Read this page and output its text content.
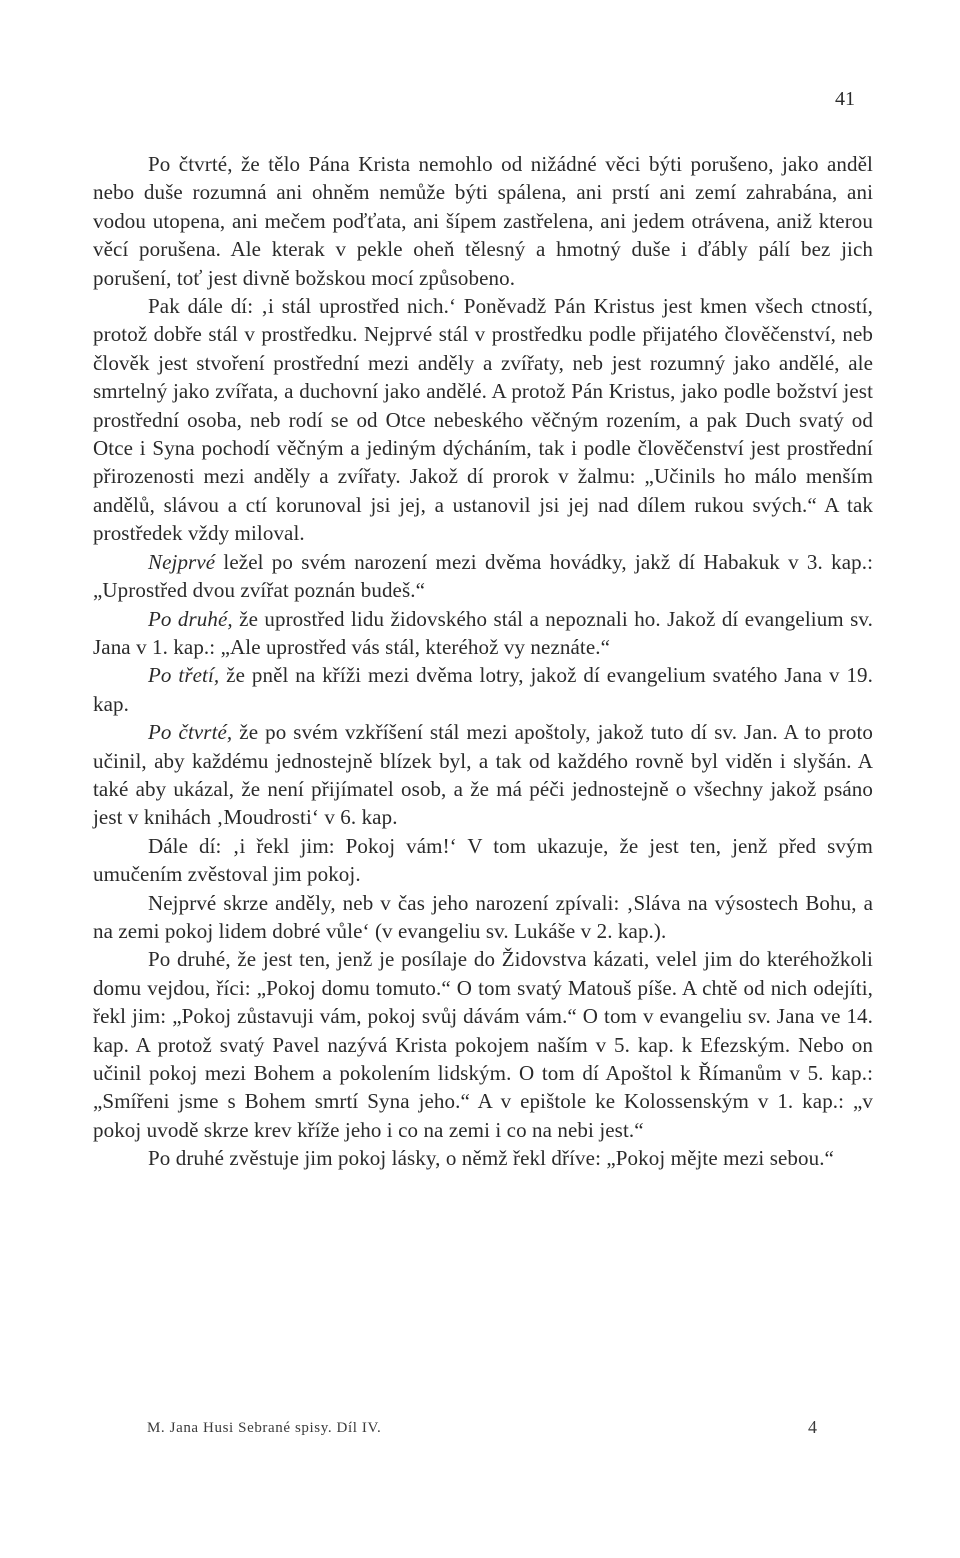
41

Po čtvrté, že tělo Pána Krista nemohlo od nižádné věci býti porušeno, jako anděl nebo duše rozumná ani ohněm nemůže býti spálena, ani prstí ani zemí zahrabána, ani vodou utopena, ani mečem poďťata, ani šípem zastřelena, ani jedem otrávena, aniž kterou věcí porušena. Ale kterak v pekle oheň tělesný a hmotný duše i ďábly pálí bez jich porušení, toť jest divně božskou mocí způsobeno.

Pak dále dí: ‚i stál uprostřed nich.‘ Poněvadž Pán Kristus jest kmen všech ctností, protož dobře stál v prostředku. Nejprvé stál v prostředku podle přijatého člověčenství, neb člověk jest stvoření prostřední mezi anděly a zvířaty, neb jest rozumný jako andělé, ale smrtelný jako zvířata, a duchovní jako andělé. A protož Pán Kristus, jako podle božství jest prostřední osoba, neb rodí se od Otce nebeského věčným rozením, a pak Duch svatý od Otce i Syna pochodí věčným a jediným dýcháním, tak i podle člověčenství jest prostřední přirozenosti mezi anděly a zvířaty. Jakož dí prorok v žalmu: „Učinils ho málo menším andělů, slávou a ctí korunoval jsi jej, a ustanovil jsi jej nad dílem rukou svých.“ A tak prostředek vždy miloval.

Nejprvé ležel po svém narození mezi dvěma hovádky, jakž dí Habakuk v 3. kap.: „Uprostřed dvou zvířat poznán budeš.“

Po druhé, že uprostřed lidu židovského stál a nepoznali ho. Jakož dí evangelium sv. Jana v 1. kap.: „Ale uprostřed vás stál, kteréhož vy neznáte.“

Po třetí, že pněl na kříži mezi dvěma lotry, jakož dí evangelium svatého Jana v 19. kap.

Po čtvrté, že po svém vzkříšení stál mezi apoštoly, jakož tuto dí sv. Jan. A to proto učinil, aby každému jednostejně blízek byl, a tak od každého rovně byl viděn i slyšán. A také aby ukázal, že není přijímatel osob, a že má péči jednostejně o všechny jakož psáno jest v knihách ‚Moudrosti‘ v 6. kap.

Dále dí: ‚i řekl jim: Pokoj vám!‘ V tom ukazuje, že jest ten, jenž před svým umučením zvěstoval jim pokoj.

Nejprvé skrze anděly, neb v čas jeho narození zpívali: ‚Sláva na výsostech Bohu, a na zemi pokoj lidem dobré vůle‘ (v evangeliu sv. Lukáše v 2. kap.).

Po druhé, že jest ten, jenž je posílaje do Židovstva kázati, velel jim do kteréhožkoli domu vejdou, říci: „Pokoj domu tomuto.“ O tom svatý Matouš píše. A chtě od nich odejíti, řekl jim: „Pokoj zůstavuji vám, pokoj svůj dávám vám.“ O tom v evangeliu sv. Jana ve 14. kap. A protož svatý Pavel nazývá Krista pokojem naším v 5. kap. k Efezským. Nebo on učinil pokoj mezi Bohem a pokolením lidským. O tom dí Apoštol k Římanům v 5. kap.: „Smířeni jsme s Bohem smrtí Syna jeho.“ A v epištole ke Kolossenským v 1. kap.: „v pokoj uvodě skrze krev kříže jeho i co na zemi i co na nebi jest.“

Po druhé zvěstuje jim pokoj lásky, o němž řekl dříve: „Pokoj mějte mezi sebou.“

M. Jana Husi Sebrané spisy. Díl IV.	4
